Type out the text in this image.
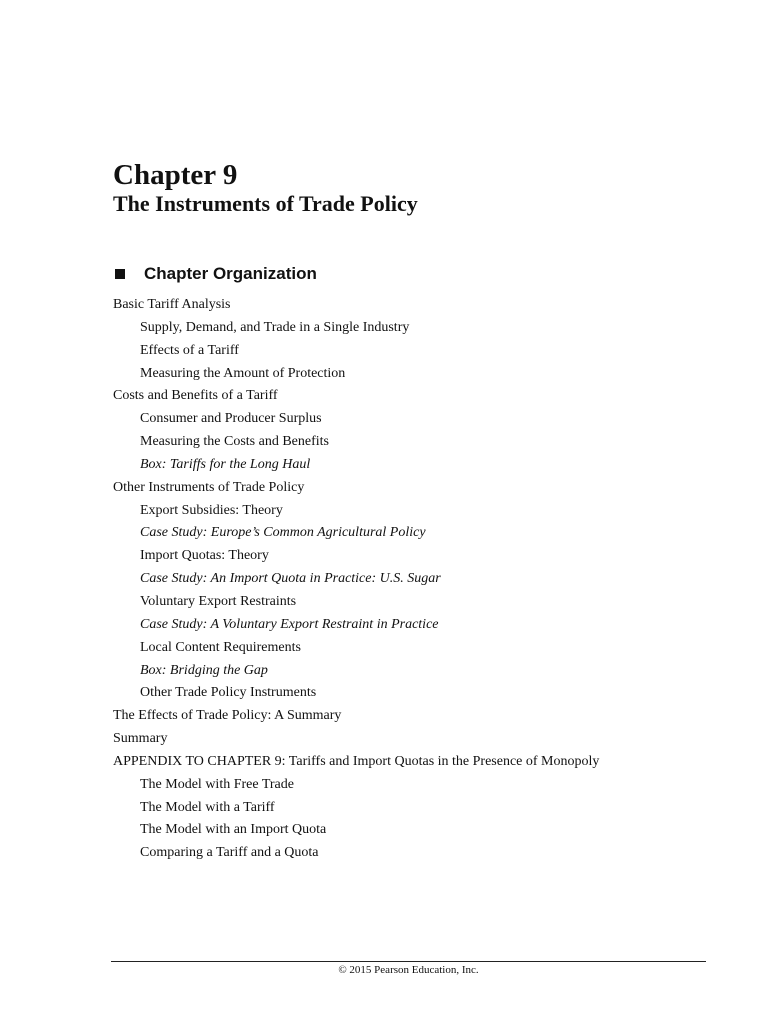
Chapter 9
The Instruments of Trade Policy
Chapter Organization
Basic Tariff Analysis
Supply, Demand, and Trade in a Single Industry
Effects of a Tariff
Measuring the Amount of Protection
Costs and Benefits of a Tariff
Consumer and Producer Surplus
Measuring the Costs and Benefits
Box: Tariffs for the Long Haul
Other Instruments of Trade Policy
Export Subsidies: Theory
Case Study: Europe’s Common Agricultural Policy
Import Quotas: Theory
Case Study: An Import Quota in Practice: U.S. Sugar
Voluntary Export Restraints
Case Study: A Voluntary Export Restraint in Practice
Local Content Requirements
Box: Bridging the Gap
Other Trade Policy Instruments
The Effects of Trade Policy: A Summary
Summary
APPENDIX TO CHAPTER 9: Tariffs and Import Quotas in the Presence of Monopoly
The Model with Free Trade
The Model with a Tariff
The Model with an Import Quota
Comparing a Tariff and a Quota
© 2015 Pearson Education, Inc.
